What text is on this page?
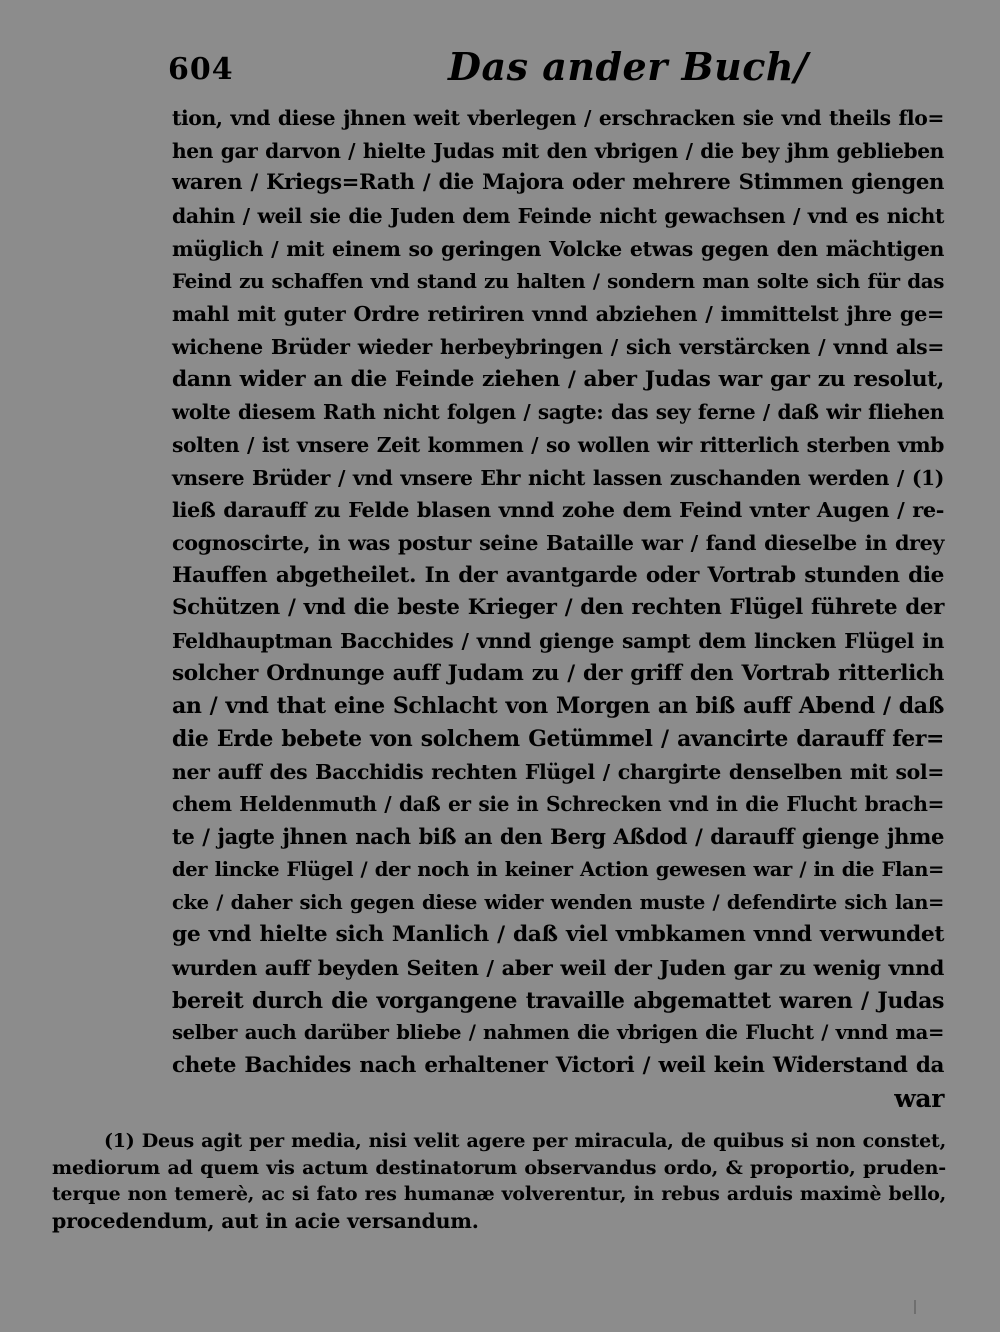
604	Das ander Buch/
tion, vnd diese jhnen weit vberlegen / erschracken sie vnd theils flo=
hen gar darvon / hielte Judas mit den vbrigen / die bey jhm geblieben
waren / Kriegs=Rath / die Majora oder mehrere Stimmen giengen
dahin / weil sie die Juden dem Feinde nicht gewachsen / vnd es nicht
müglich / mit einem so geringen Volcke etwas gegen den mächtigen
Feind zu schaffen vnd stand zu halten / sondern man solte sich für das
mahl mit guter Ordre retiriren vnnd abziehen / immittelst jhre ge=
wichene Brüder wieder herbeybringen / sich verstärcken / vnnd als=
dann wider an die Feinde ziehen / aber Judas war gar zu resolut,
wolte diesem Rath nicht folgen / sagte: das sey ferne / daß wir fliehen
solten / ist vnsere Zeit kommen / so wollen wir ritterlich sterben vmb
vnsere Brüder / vnd vnsere Ehr nicht lassen zuschanden werden / (1)
ließ darauff zu Felde blasen vnnd zohe dem Feind vnter Augen / re-
cognoscirte, in was postur seine Bataille war / fand dieselbe in drey
Hauffen abgetheilet. In der avantgarde oder Vortrab stunden die
Schützen / vnd die beste Krieger / den rechten Flügel führete der
Feldhauptman Bacchides / vnnd gienge sampt dem lincken Flügel in
solcher Ordnunge auff Judam zu / der griff den Vortrab ritterlich
an / vnd that eine Schlacht von Morgen an biß auff Abend / daß
die Erde bebete von solchem Getümmel / avancirte darauff fer=
ner auff des Bacchidis rechten Flügel / chargirte denselben mit sol=
chem Heldenmuth / daß er sie in Schrecken vnd in die Flucht brach=
te / jagte jhnen nach biß an den Berg Aßdod / darauff gienge jhme
der lincke Flügel / der noch in keiner Action gewesen war / in die Flan=
cke / daher sich gegen diese wider wenden muste / defendirte sich lan=
ge vnd hielte sich Manlich / daß viel vmbkamen vnnd verwundet
wurden auff beyden Seiten / aber weil der Juden gar zu wenig vnnd
bereit durch die vorgangene travaille abgemattet waren / Judas
selber auch darüber bliebe / nahmen die vbrigen die Flucht / vnnd ma=
chete Bachides nach erhaltener Victori / weil kein Widerstand da
war
(1) Deus agit per media, nisi velit agere per miracula, de quibus si non constet,
mediorum ad quem vis actum destinatorum observandus ordo, & proportio, pruden-
terque non temerè, ac si fato res humanæ volverentur, in rebus arduis maximè bello,
procedendum, aut in acie versandum.
